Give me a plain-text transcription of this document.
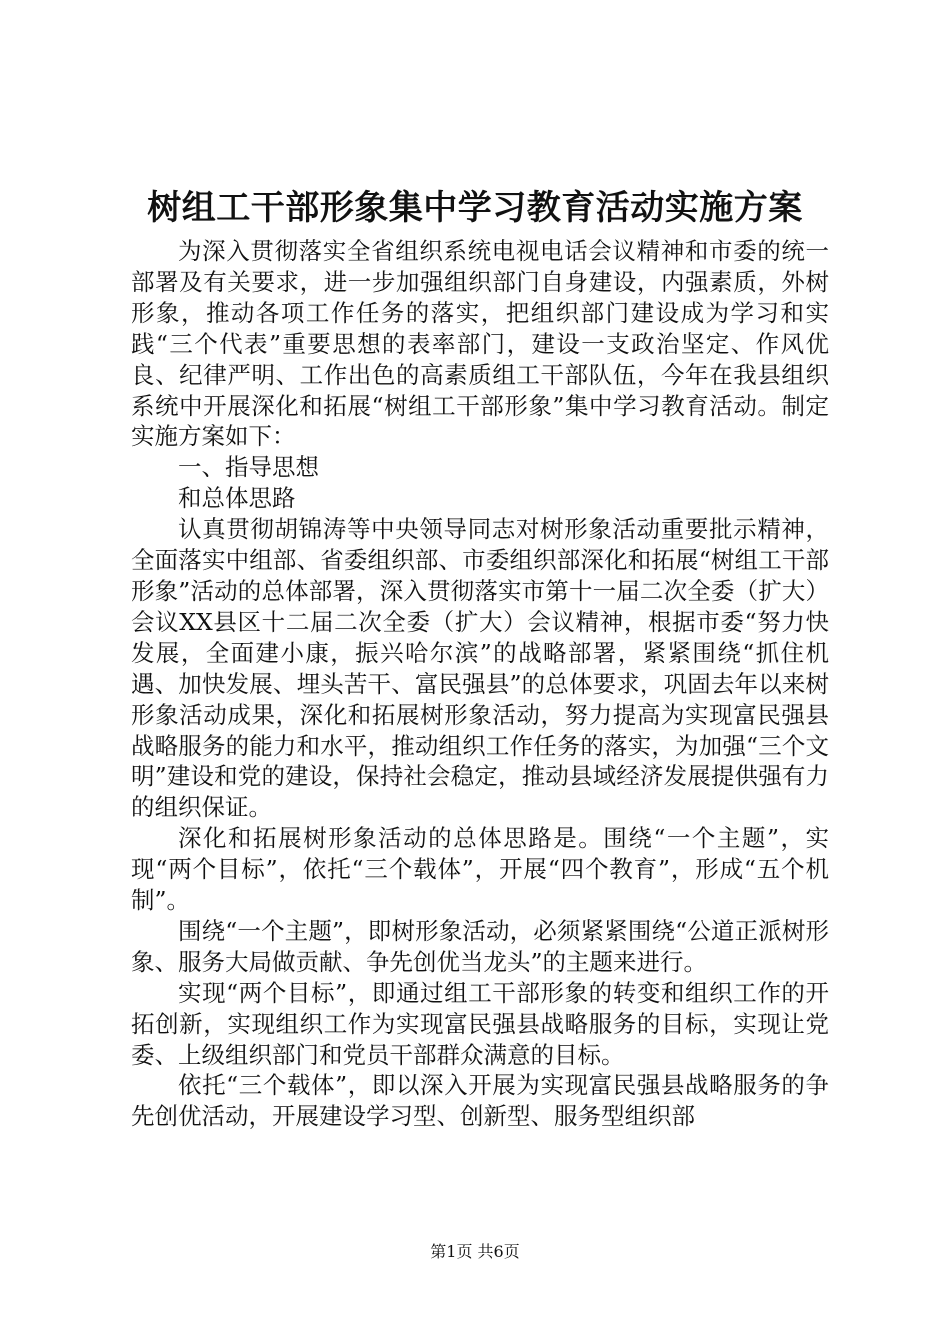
树组工干部形象集中学习教育活动实施方案

为深入贯彻落实全省组织系统电视电话会议精神和市委的统一部署及有关要求，进一步加强组织部门自身建设，内强素质，外树形象，推动各项工作任务的落实，把组织部门建设成为学习和实践“三个代表”重要思想的表率部门，建设一支政治坚定、作风优良、纪律严明、工作出色的高素质组工干部队伍，今年在我县组织系统中开展深化和拓展“树组工干部形象”集中学习教育活动。制定实施方案如下：

一、指导思想

和总体思路

认真贯彻胡锦涛等中央领导同志对树形象活动重要批示精神，全面落实中组部、省委组织部、市委组织部深化和拓展“树组工干部形象”活动的总体部署，深入贯彻落实市第十一届二次全委（扩大）会议XX县区十二届二次全委（扩大）会议精神，根据市委“努力快发展，全面建小康，振兴哈尔滨”的战略部署，紧紧围绕“抓住机遇、加快发展、埋头苦干、富民强县”的总体要求，巩固去年以来树形象活动成果，深化和拓展树形象活动，努力提高为实现富民强县战略服务的能力和水平，推动组织工作任务的落实，为加强“三个文明”建设和党的建设，保持社会稳定，推动县域经济发展提供强有力的组织保证。

深化和拓展树形象活动的总体思路是。围绕“一个主题”，实现“两个目标”，依托“三个载体”，开展“四个教育”，形成“五个机制”。

围绕“一个主题”，即树形象活动，必须紧紧围绕“公道正派树形象、服务大局做贡献、争先创优当龙头”的主题来进行。

实现“两个目标”，即通过组工干部形象的转变和组织工作的开拓创新，实现组织工作为实现富民强县战略服务的目标，实现让党委、上级组织部门和党员干部群众满意的目标。

依托“三个载体”，即以深入开展为实现富民强县战略服务的争先创优活动，开展建设学习型、创新型、服务型组织部

第1页 共6页
